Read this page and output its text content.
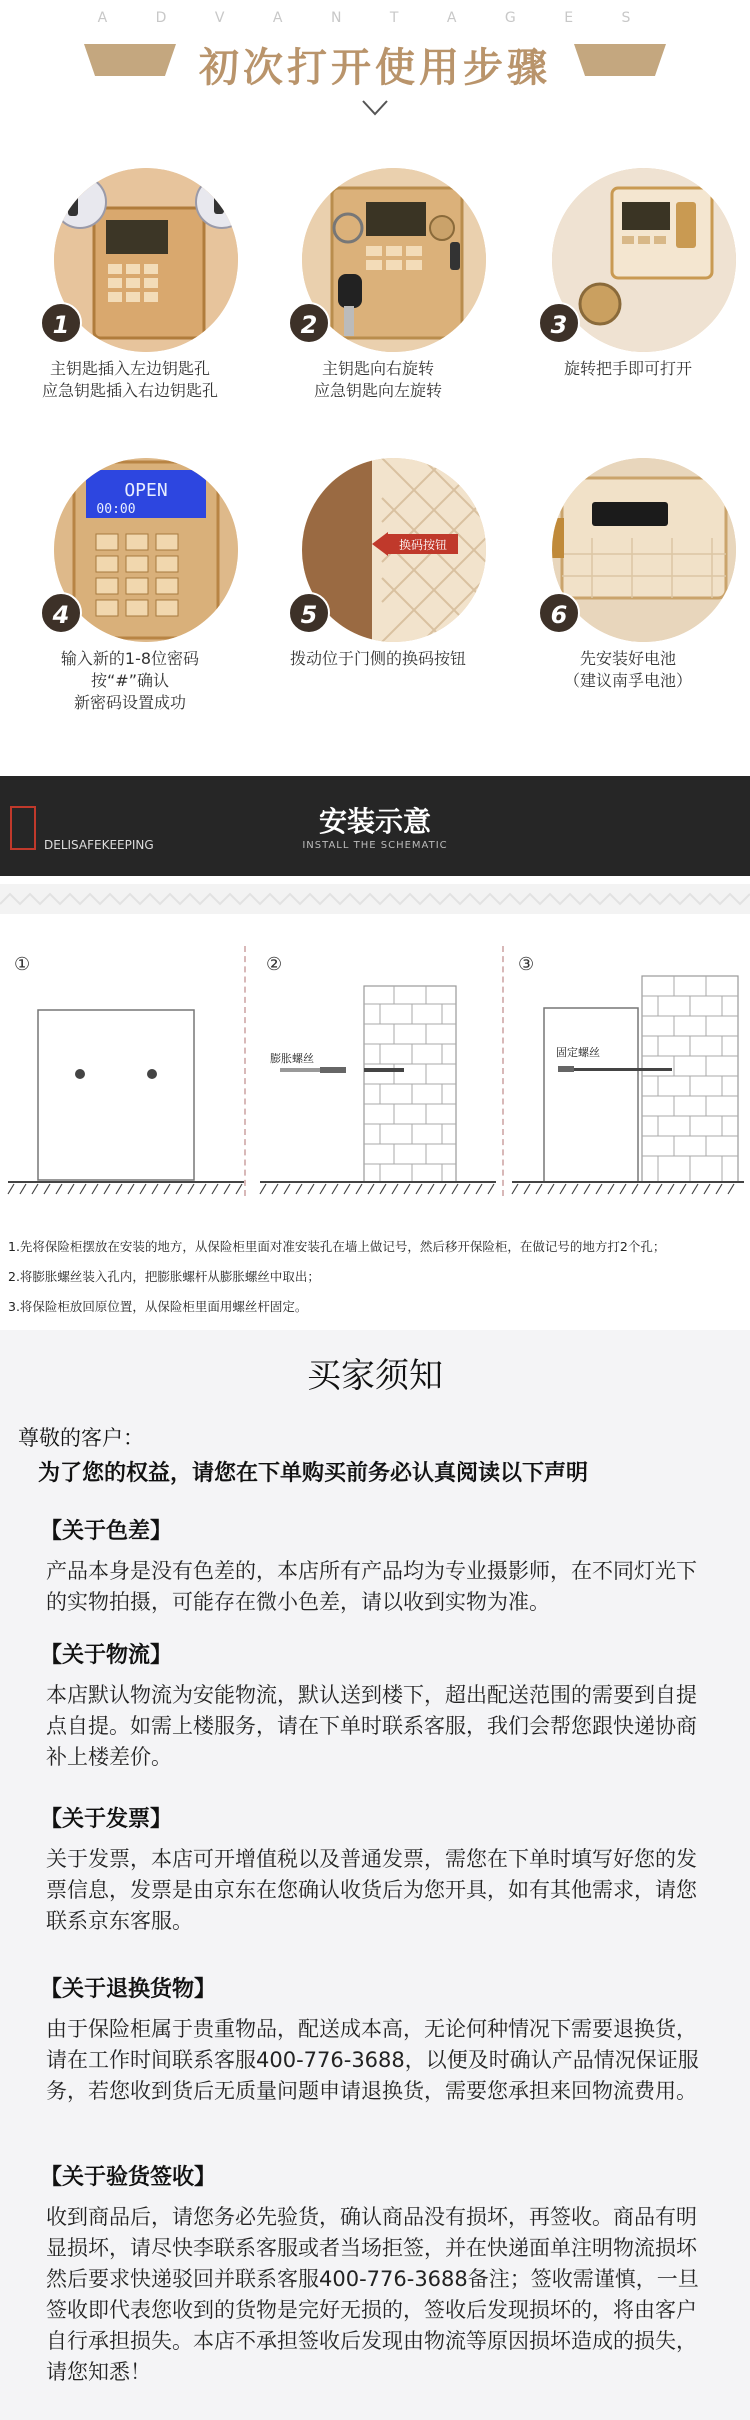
A D V A N T A G E S
初次打开使用步骤
1
主钥匙插入左边钥匙孔
应急钥匙插入右边钥匙孔
2
主钥匙向右旋转
应急钥匙向左旋转
3
旋转把手即可打开
OPEN
00:00
4
输入新的1-8位密码
按“#”确认
新密码设置成功
换码按钮
5
拨动位于门侧的换码按钮
6
先安装好电池
（建议南孚电池）
DELISAFEKEEPING
安装示意
INSTALL THE SCHEMATIC
①	②
膨胀螺丝
③
固定螺丝
1.先将保险柜摆放在安装的地方，从保险柜里面对准安装孔在墙上做记号，然后移开保险柜，在做记号的地方打2个孔；
2.将膨胀螺丝装入孔内，把膨胀螺杆从膨胀螺丝中取出；
3.将保险柜放回原位置，从保险柜里面用螺丝杆固定。
买家须知
尊敬的客户：
为了您的权益，请您在下单购买前务必认真阅读以下声明
【关于色差】
产品本身是没有色差的，本店所有产品均为专业摄影师，在不同灯光下的实物拍摄，可能存在微小色差，请以收到实物为准。
【关于物流】
本店默认物流为安能物流，默认送到楼下，超出配送范围的需要到自提点自提。如需上楼服务，请在下单时联系客服，我们会帮您跟快递协商补上楼差价。
【关于发票】
关于发票，本店可开增值税以及普通发票，需您在下单时填写好您的发票信息，发票是由京东在您确认收货后为您开具，如有其他需求，请您联系京东客服。
【关于退换货物】
由于保险柜属于贵重物品，配送成本高，无论何种情况下需要退换货，请在工作时间联系客服400-776-3688，以便及时确认产品情况保证服务，若您收到货后无质量问题申请退换货，需要您承担来回物流费用。
【关于验货签收】
收到商品后，请您务必先验货，确认商品没有损坏，再签收。商品有明显损坏，请尽快李联系客服或者当场拒签，并在快递面单注明物流损坏然后要求快递驳回并联系客服400-776-3688备注；签收需谨慎，一旦签收即代表您收到的货物是完好无损的，签收后发现损坏的，将由客户自行承担损失。本店不承担签收后发现由物流等原因损坏造成的损失，请您知悉！
